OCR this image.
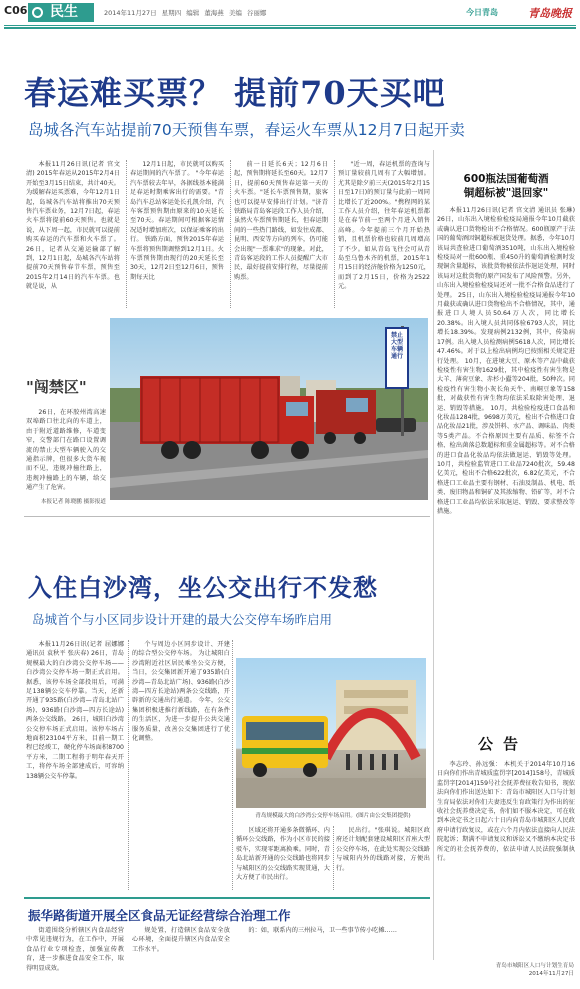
C06	民生	2014年11月27日 星期四 编辑 董海燕 美编 谷丽娜	今日青岛	青岛晚报
春运难买票？ 提前70天买吧
岛城各汽车站提前70天预售车票，春运火车票从12月7日起开卖

本报11月26日讯(记者 官文清) 2015年春运从2015年2月4日开始至3月15日结束，共计40天。为缓解春运买票难，今年12月1日起，岛城各汽车站将推出70天预售汽车票业务，12月7日起，春运火车票将提前60天预售。也就是说，从下周一起，市民就可以提前购买春运的汽车票和火车票了。 26日，记者从交通运输部了解到，12月1日起，岛城各汽车站将提前70天预售春节车票，预售至2015年2月14日的汽车车票。也就是说，从

12月1日起，市民就可以购买春运期间的汽车票了。 "今年春运汽车票较去年早，各据线基本能满足春运时期乘客出行的需要。"青岛汽车总站客运处长孔凯介绍，汽车客票预售期由原来的10天延长至70天。春运期间可根据客运情况适时增加班次，以保证乘客的出行。 铁路方面，预售2015年春运车票将预售期调整到12月1日。火车票预售期由现行的20天延长至30天，12月2日至12月6日，预售期每天比

前一日延长6天；12月6日起，预售期将延长至60天。12月7日，提前60天预售春运第一天的火车票。"延长车票预售期，旅客也可以提早安排出行计划。"济青铁路局青岛客运段工作人员介绍，虽然火车票预售期延长，但春运期间的一些热门路线，如发往成都、昆明、西安等方向的列车，仍可能会出现"一票难求"的现象。对此，青岛客运段的工作人员提醒广大市民，最好提前安排行程，尽量提前购票。

"近一周，春运机票的查询与预订量较前几周有了大幅增加。尤其是除夕前三天(2015年2月15日至17日)的预订量与此前一周同比增长了近200%。"携程网的某工作人员介绍，往年春运机票都是在春节前一至两个月进入销售高峰。今年提前三个月开始热销，且机票价格也较前几周增高了不少。如从青岛飞往会可从青岛至乌鲁木齐的机票，2015年1月15日的经济舱价格为1250元，而到了2月15日，价格为2522元。

600瓶法国葡萄酒
铜超标被"退回家"

本报11月26日讯(记者 官文清 通讯员 张琳) 26日，山东出入境检验检疫局通报今年10月截获或确认进口货物检出不合格情况。600瓶原产于法国的葡萄酒因铜超标被退货处理。据悉，今年10月该局共查验进口葡萄酒3510吨，山东出入境检验检疫局对一批600瓶、重450升的葡萄酒检测时发现铜含量超标，该批货物被依法作退运处理，同时该局对这批货物的原产国发布了风险预警。另外，山东出入境检验检疫局还对一批不合格食品进行了处理。 25日，山东出入境检验检疫局通报今年10月截获或确认进口货物检出不合格情况，其中，通报进口人境人员50.64万人次，同比增长20.38%。出入境人员共同体验6793人次，同比增长18.39%。发现病例2132例，其中，传染病17例。出入境人员检测病例5618人次，同比增长47.46%。对于以上检出病例均已按照相关规定进行处理。 10月，在进境大豆、原木等产品中截获检疫性有害生物1629批，其中检疫性有害生物是大羊、薄荷豆象、赤杉小蠹等204批，50种次。同检疫性有害生物小灰长角天牛、南峒豆象等158批，对截获性有害生物均依法采取除害处理、退运、销毁等措施。 10月，共检验检疫进口食品和化妆品1284批，9698万美元，检出不合格进口食品化妆品21批，涉及饼料、水产品、调味品、肉类等5类产品。不合格原因主要有品质、标签不合格、检出菌落总数超标和重金属超标等。对不合格的进口食品化妆品均依法做退运、销毁等处理。 10月，共检验监管进口工业品7240批次，59.48亿美元，检出不合格622批次，6.82亿美元，不合格进口工业品主要有钢材、石油及制品、机电、纸类、废旧物品和铜矿及其浓缩物、铅矿等，对不合格进口工业品均依法采取退运、销毁、要求整改等措施。

公告

李志玲、孙远强： 本机关于2014年10月16日向你们作出青城质监罚字[2014]158号，青城质监罚字[2014]159号社会抚养费征收告知书，现依法向你们作出送达如下：青岛市城阳区人口与计划生育局依法对你们夫妻违反生育政策行为作出的征收社会抚养费决定书，你们如不服本决定，可在收到本决定书之日起六十日内向青岛市城阳区人民政府申请行政复议，或在六个月内依法直接向人民法院起诉；期满不申请复议和诉讼又不缴纳本决定书所定的社会抚养费的，依法申请人民法院强制执行。

青岛市城阳区人口与计划生育局
2014年11月27日
禁止大型车辆通行
"闯禁区"

26日，在环胶州湾高速双埠路口往北向的车道上，由于附近道路维修，车道变窄，交警部门在路口设置调流的禁止大型车辆驶入的交通指示牌，但很多大货车视而不见，违规冲撞往路上，违规冲撞路上的车辆，给交通产生了危害。

本报记者 陈晓鹏 摄影报道
入住白沙湾，坐公交出行不发愁
岛城首个与小区同步设计开建的最大公交停车场昨启用

本报11月26日讯(记者 屈娜娜 通讯员 袁秋平 张庆春) 26日，青岛规模最大的白沙湾公交停车场——白沙湾公交停车场一期正式启用。据悉，该停车场全部投用后，可满足138辆公交车停靠。当天，还新开通了935路(白沙湾—青岛北站广场)、936路(白沙湾—四方长途站)两条公交线路。 26日，城阳白沙湾公交停车场正式启用。该停车场占地面积23104平方米，目前一期工程已经竣工，硬化停车场面积8700平方米，二期工程将于明年春天开工，将停车场全部建成后，可容纳138辆公交车停靠。

个与周边小区同步设计、开建的综合型公交停车场。 为让城阳白沙湾附近社区居民乘坐公交方便，当日，公交集团新开通了935路(白沙湾—青岛北站广场)、936路(白沙湾—四方长途站)两条公交线路，开辟新的交通出行通道。 今年，公交集团积极进推行新线路，在有条件的生活区，为进一步提升公共交通服务质量，改善公交集团进行了优化调整。

区域还将开通多条微循环、内循环公交线路，作为小区市民的接驳车，实现零距离换乘。同时，青岛北站新开通的公交线路也将同步与城阳区的公交线路实现贯通，大大方便了市民出行。

民出行。"张琪说。城阳区政府还计划配套建设城阳区首座大型公交停车场，在此处实现公交线路与城阳内外的线路对接，方便出行。

青岛规模最大的白沙湾公交停车场启用。(图片由公交集团提供)
振华路街道开展全区食品无证经营综合治理工作

街道围绕分析辖区内食品经营中常见违规行为，在工作中，开展食品行业专项检查，加强宣传教育，进一步推进食品安全工作，取得明显成效。

规处置，打造辖区食品安全放心环境，全面提升辖区内食品安全工作水平。

的：如，联系内的三州拉马，卫一些事节传小吃摊……
